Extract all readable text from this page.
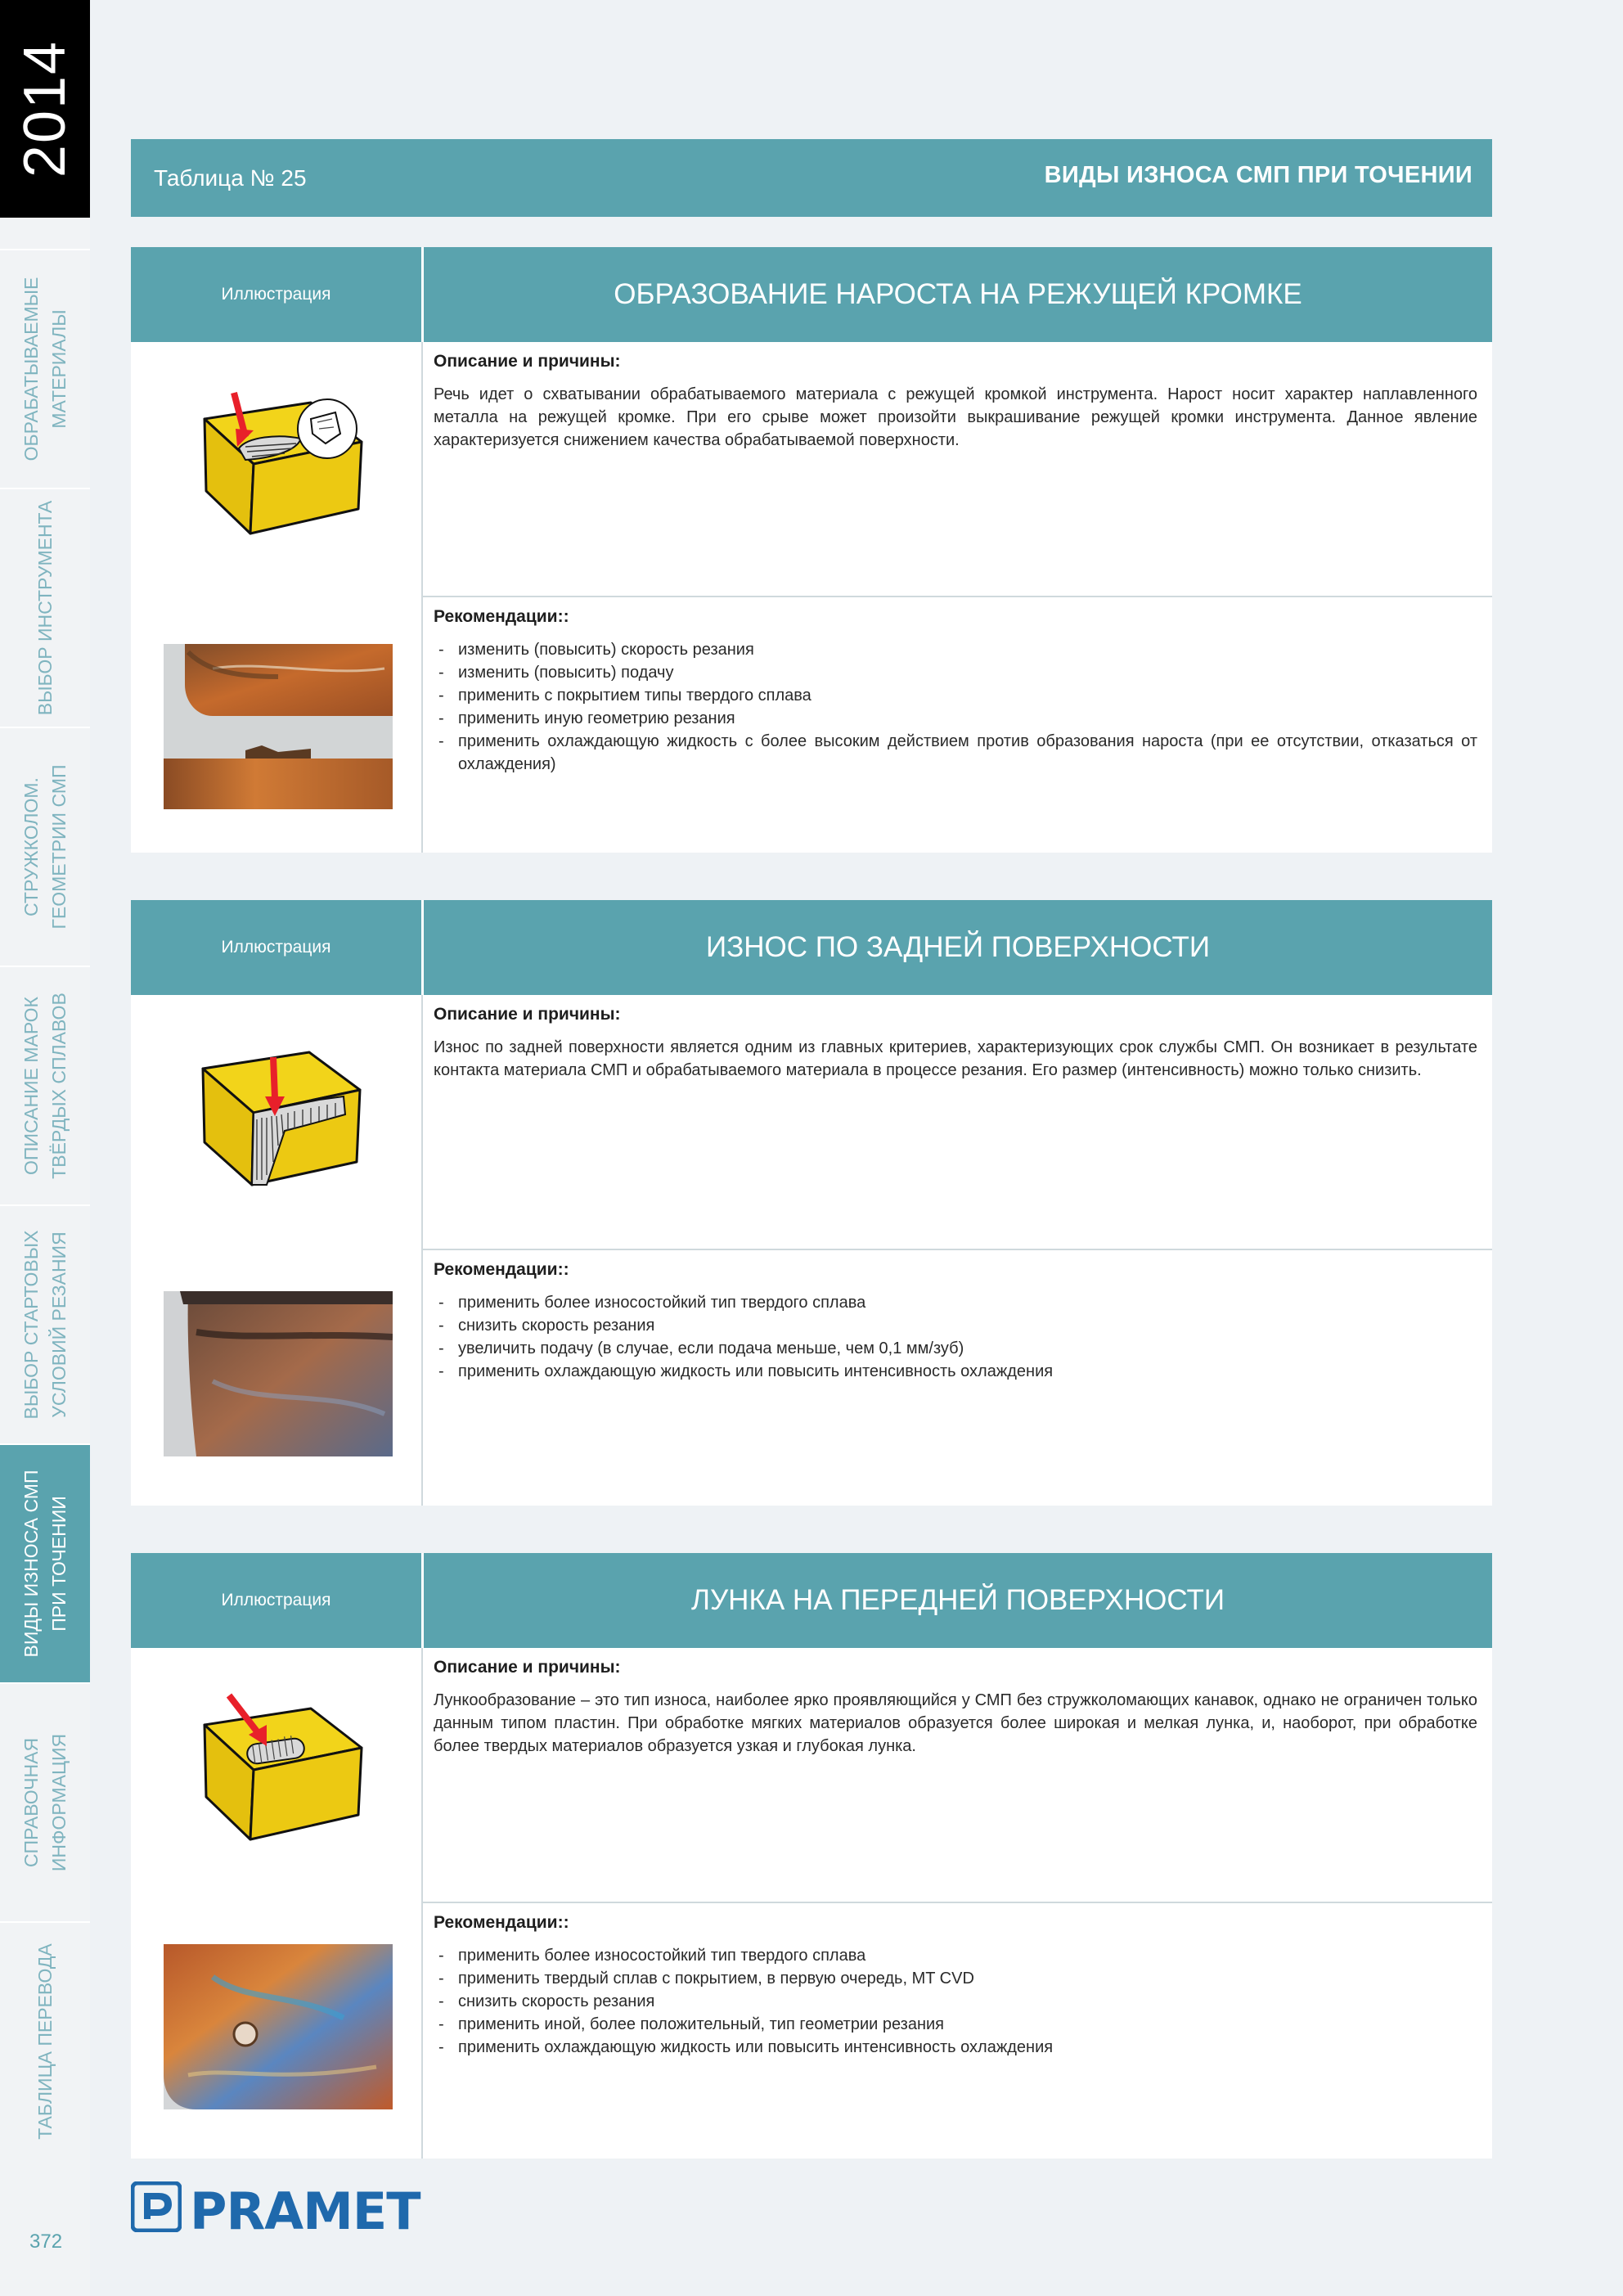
2014
ОБРАБАТЫВАЕМЫЕ МАТЕРИАЛЫ
ВЫБОР ИНСТРУМЕНТА
СТРУЖКОЛОМ. ГЕОМЕТРИИ СМП
ОПИСАНИЕ МАРОК ТВЁРДЫХ СПЛАВОВ
ВЫБОР СТАРТОВЫХ УСЛОВИЙ РЕЗАНИЯ
ВИДЫ ИЗНОСА СМП ПРИ ТОЧЕНИИ
СПРАВОЧНАЯ ИНФОРМАЦИЯ
ТАБЛИЦА ПЕРЕВОДА
372
Таблица № 25	ВИДЫ ИЗНОСА СМП ПРИ ТОЧЕНИИ
Иллюстрация	ОБРАЗОВАНИЕ НАРОСТА НА РЕЖУЩЕЙ КРОМКЕ
Описание и причины:
Речь идет о схватывании обрабатываемого материала с режущей кромкой инструмента. Нарост носит характер наплавленного металла на режущей кромке. При его срыве может произойти выкрашивание режущей кромки инструмента. Данное явление характеризуется снижением качества обрабатываемой поверхности.
Рекомендации::
- изменить (повысить) скорость резания
- изменить (повысить) подачу
- применить с покрытием типы твердого сплава
- применить иную геометрию резания
- применить охлаждающую жидкость с более высоким действием против образования нароста (при ее отсутствии, отказаться от охлаждения)
Иллюстрация	ИЗНОС ПО ЗАДНЕЙ ПОВЕРХНОСТИ
Описание и причины:
Износ по задней поверхности является одним из главных критериев, характеризующих срок службы СМП. Он возникает в результате контакта материала СМП и обрабатываемого материала в процессе резания. Его размер (интенсивность) можно только снизить.
Рекомендации::
- применить более износостойкий тип твердого сплава
- снизить скорость резания
- увеличить подачу (в случае, если подача меньше, чем 0,1 мм/зуб)
- применить охлаждающую жидкость или повысить интенсивность охлаждения
Иллюстрация	ЛУНКА НА ПЕРЕДНЕЙ ПОВЕРХНОСТИ
Описание и причины:
Лункообразование – это тип износа, наиболее ярко проявляющийся у СМП без стружколомающих канавок, однако не ограничен только данным типом пластин. При обработке мягких материалов образуется более широкая и мелкая лунка, и, наоборот, при обработке более твердых материалов образуется узкая и глубокая лунка.
Рекомендации::
- применить более износостойкий тип твердого сплава
- применить твердый сплав с покрытием, в первую очередь, MT CVD
- снизить скорость резания
- применить иной, более положительный, тип геометрии резания
- применить охлаждающую жидкость или повысить интенсивность охлаждения
PRAMET
